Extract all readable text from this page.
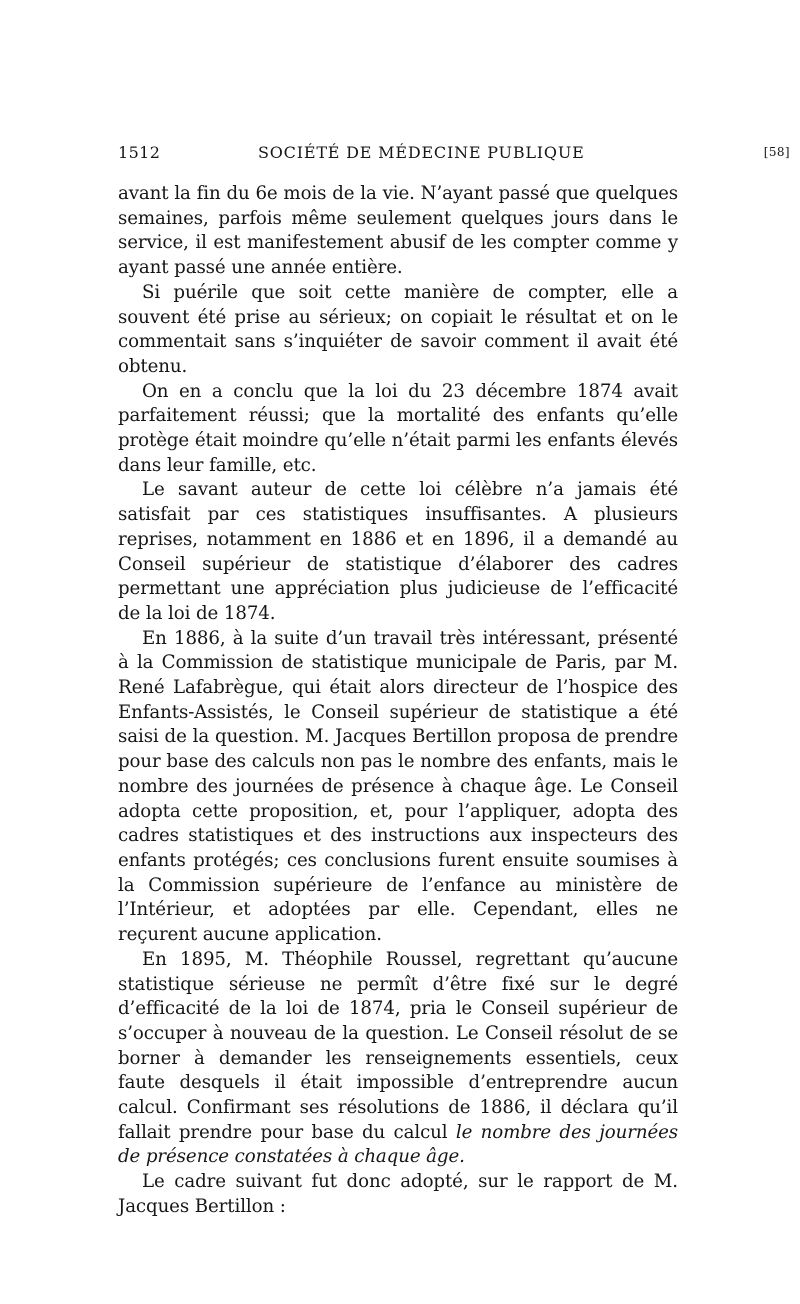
1512	SOCIÉTÉ DE MÉDECINE PUBLIQUE	[58]

avant la fin du 6e mois de la vie. N’ayant passé que quelques semaines, parfois même seulement quelques jours dans le service, il est manifestement abusif de les compter comme y ayant passé une année entière.

Si puérile que soit cette manière de compter, elle a souvent été prise au sérieux; on copiait le résultat et on le commentait sans s’inquiéter de savoir comment il avait été obtenu.

On en a conclu que la loi du 23 décembre 1874 avait parfaitement réussi; que la mortalité des enfants qu’elle protège était moindre qu’elle n’était parmi les enfants élevés dans leur famille, etc.

Le savant auteur de cette loi célèbre n’a jamais été satisfait par ces statistiques insuffisantes. A plusieurs reprises, notamment en 1886 et en 1896, il a demandé au Conseil supérieur de statistique d’élaborer des cadres permettant une appréciation plus judicieuse de l’efficacité de la loi de 1874.

En 1886, à la suite d’un travail très intéressant, présenté à la Commission de statistique municipale de Paris, par M. René Lafabrègue, qui était alors directeur de l’hospice des Enfants-Assistés, le Conseil supérieur de statistique a été saisi de la question. M. Jacques Bertillon proposa de prendre pour base des calculs non pas le nombre des enfants, mais le nombre des journées de présence à chaque âge. Le Conseil adopta cette proposition, et, pour l’appliquer, adopta des cadres statistiques et des instructions aux inspecteurs des enfants protégés; ces conclusions furent ensuite soumises à la Commission supérieure de l’enfance au ministère de l’Intérieur, et adoptées par elle. Cependant, elles ne reçurent aucune application.

En 1895, M. Théophile Roussel, regrettant qu’aucune statistique sérieuse ne permît d’être fixé sur le degré d’efficacité de la loi de 1874, pria le Conseil supérieur de s’occuper à nouveau de la question. Le Conseil résolut de se borner à demander les renseignements essentiels, ceux faute desquels il était impossible d’entreprendre aucun calcul. Confirmant ses résolutions de 1886, il déclara qu’il fallait prendre pour base du calcul le nombre des journées de présence constatées à chaque âge.

Le cadre suivant fut donc adopté, sur le rapport de M. Jacques Bertillon :
